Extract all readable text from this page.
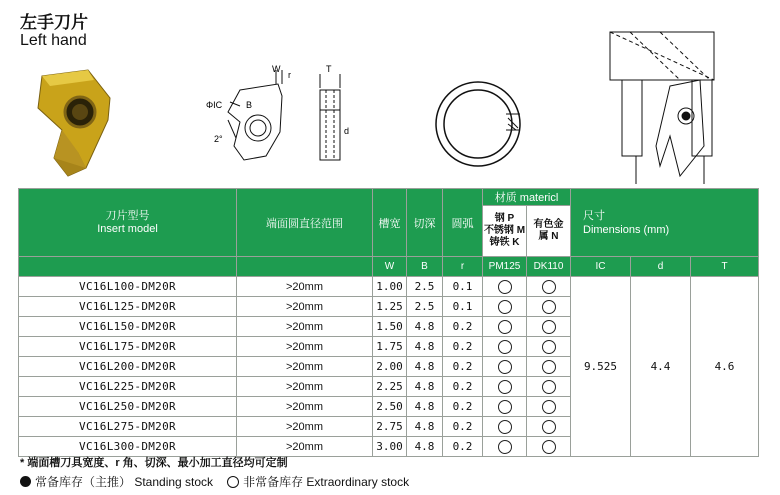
左手刀片
Left hand
W
r
T
ΦIC	B
2°
d
刀片型号
Insert model	端面圆直径范围	槽宽	切深	圆弧	材质 matericl		尺寸
Dimensions (mm)		
					钢 P
不锈钢 M
铸铁 K	有色金
属 N			
		W	B	r	PM125	DK110	IC	d	T
VC16L100-DM20R	>20mm	1.00	2.5	0.1			9.525	4.4	4.6
VC16L125-DM20R	>20mm	1.25	2.5	0.1					
VC16L150-DM20R	>20mm	1.50	4.8	0.2					
VC16L175-DM20R	>20mm	1.75	4.8	0.2					
VC16L200-DM20R	>20mm	2.00	4.8	0.2					
VC16L225-DM20R	>20mm	2.25	4.8	0.2					
VC16L250-DM20R	>20mm	2.50	4.8	0.2					
VC16L275-DM20R	>20mm	2.75	4.8	0.2					
VC16L300-DM20R	>20mm	3.00	4.8	0.2					
* 端面槽刀具宽度、r 角、切深、最小加工直径均可定制
常备库存（主推） Standing stock	非常备库存 Extraordinary stock
